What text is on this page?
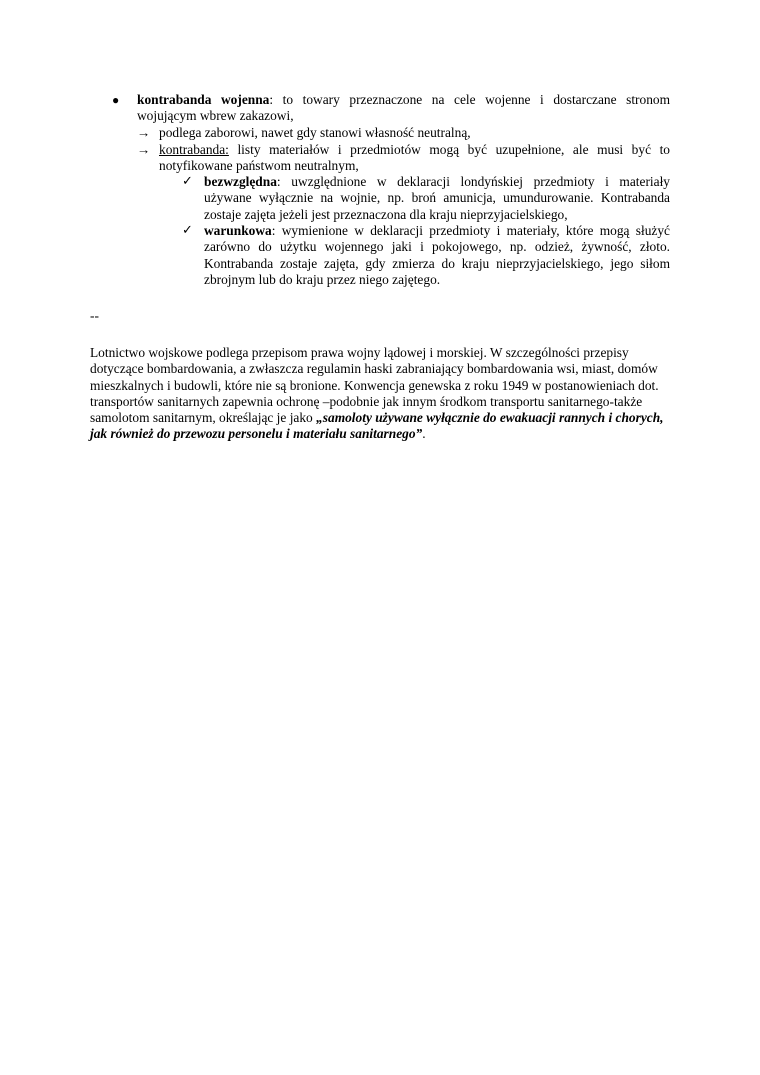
● kontrabanda wojenna: to towary przeznaczone na cele wojenne i dostarczane stronom wojującym wbrew zakazowi,
→ podlega zaborowi, nawet gdy stanowi własność neutralną,
→ kontrabanda: listy materiałów i przedmiotów mogą być uzupełnione, ale musi być to notyfikowane państwom neutralnym,
✓ bezwzględna: uwzględnione w deklaracji londyńskiej przedmioty i materiały używane wyłącznie na wojnie, np. broń amunicja, umundurowanie. Kontrabanda zostaje zajęta jeżeli jest przeznaczona dla kraju nieprzyjacielskiego,
✓ warunkowa: wymienione w deklaracji przedmioty i materiały, które mogą służyć zarówno do użytku wojennego jaki i pokojowego, np. odzież, żywność, złoto. Kontrabanda zostaje zajęta, gdy zmierza do kraju nieprzyjacielskiego, jego siłom zbrojnym lub do kraju przez niego zajętego.
--
Lotnictwo wojskowe podlega przepisom prawa wojny lądowej i morskiej. W szczególności przepisy dotyczące bombardowania, a zwłaszcza regulamin haski zabraniający bombardowania wsi, miast, domów mieszkalnych i budowli, które nie są bronione. Konwencja genewska z roku 1949 w postanowieniach dot. transportów sanitarnych zapewnia ochronę –podobnie jak innym środkom transportu sanitarnego-także samolotom sanitarnym, określając je jako „samoloty używane wyłącznie do ewakuacji rannych i chorych, jak również do przewozu personelu i materiału sanitarnego”.
